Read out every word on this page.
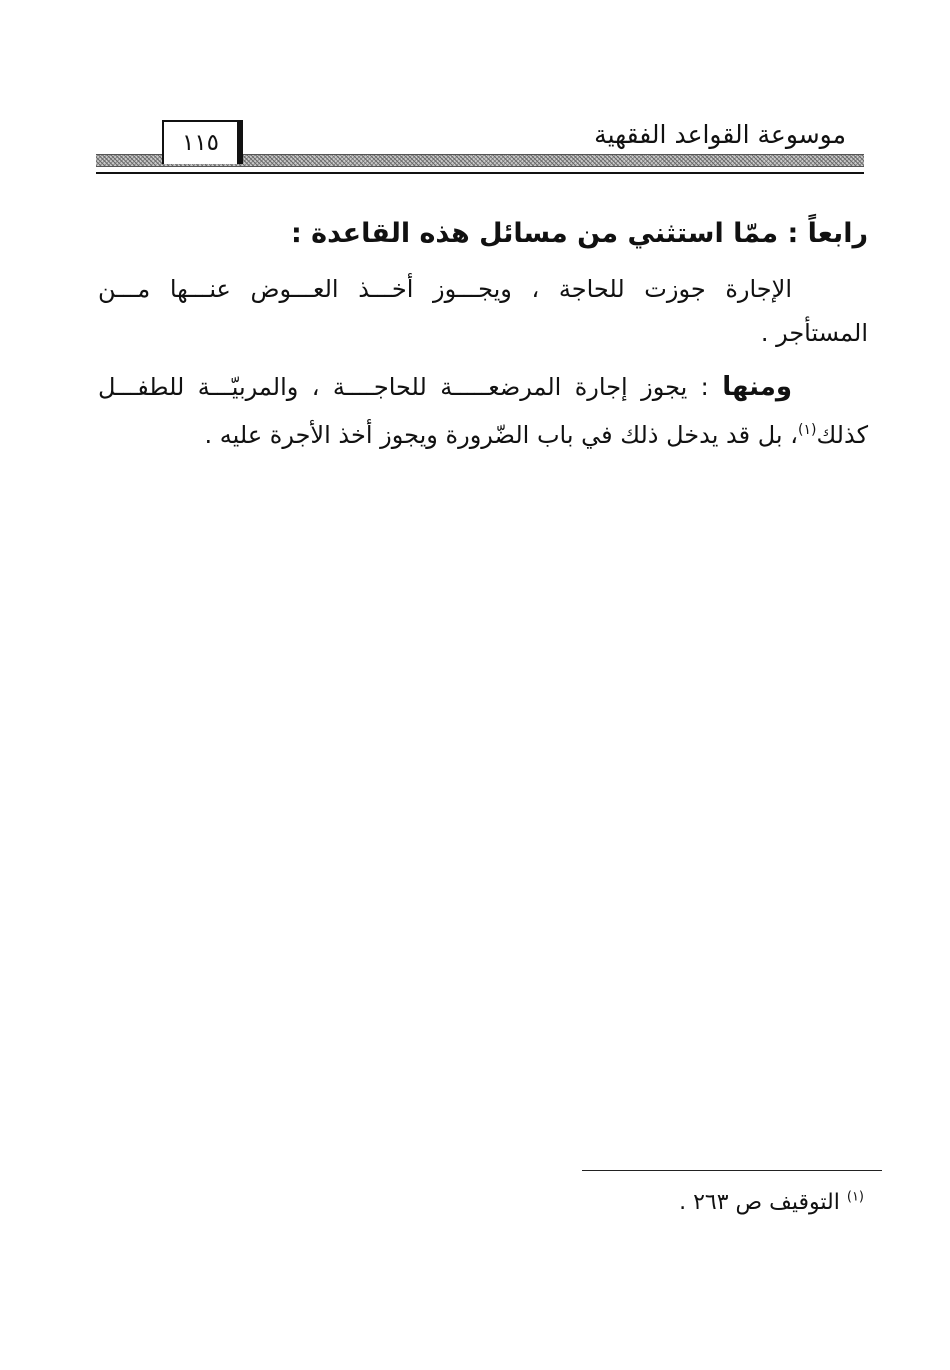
موسوعة القواعد الفقهية
١١٥
رابعاً : ممّا استثني من مسائل هذه القاعدة :
الإجارة جوزت للحاجة ، ويجـــوز أخـــذ العـــوض عنـــها مـــن
المستأجر .
ومنها : يجوز إجارة المرضعـــــة للحاجــــة ، والمربيّـــة للطفـــل
كذلك$^{(١)}$، بل قد يدخل ذلك في باب الضّرورة ويجوز أخذ الأجرة عليه .
$^{(١)}$ التوقيف ص ٢٦٣ .
